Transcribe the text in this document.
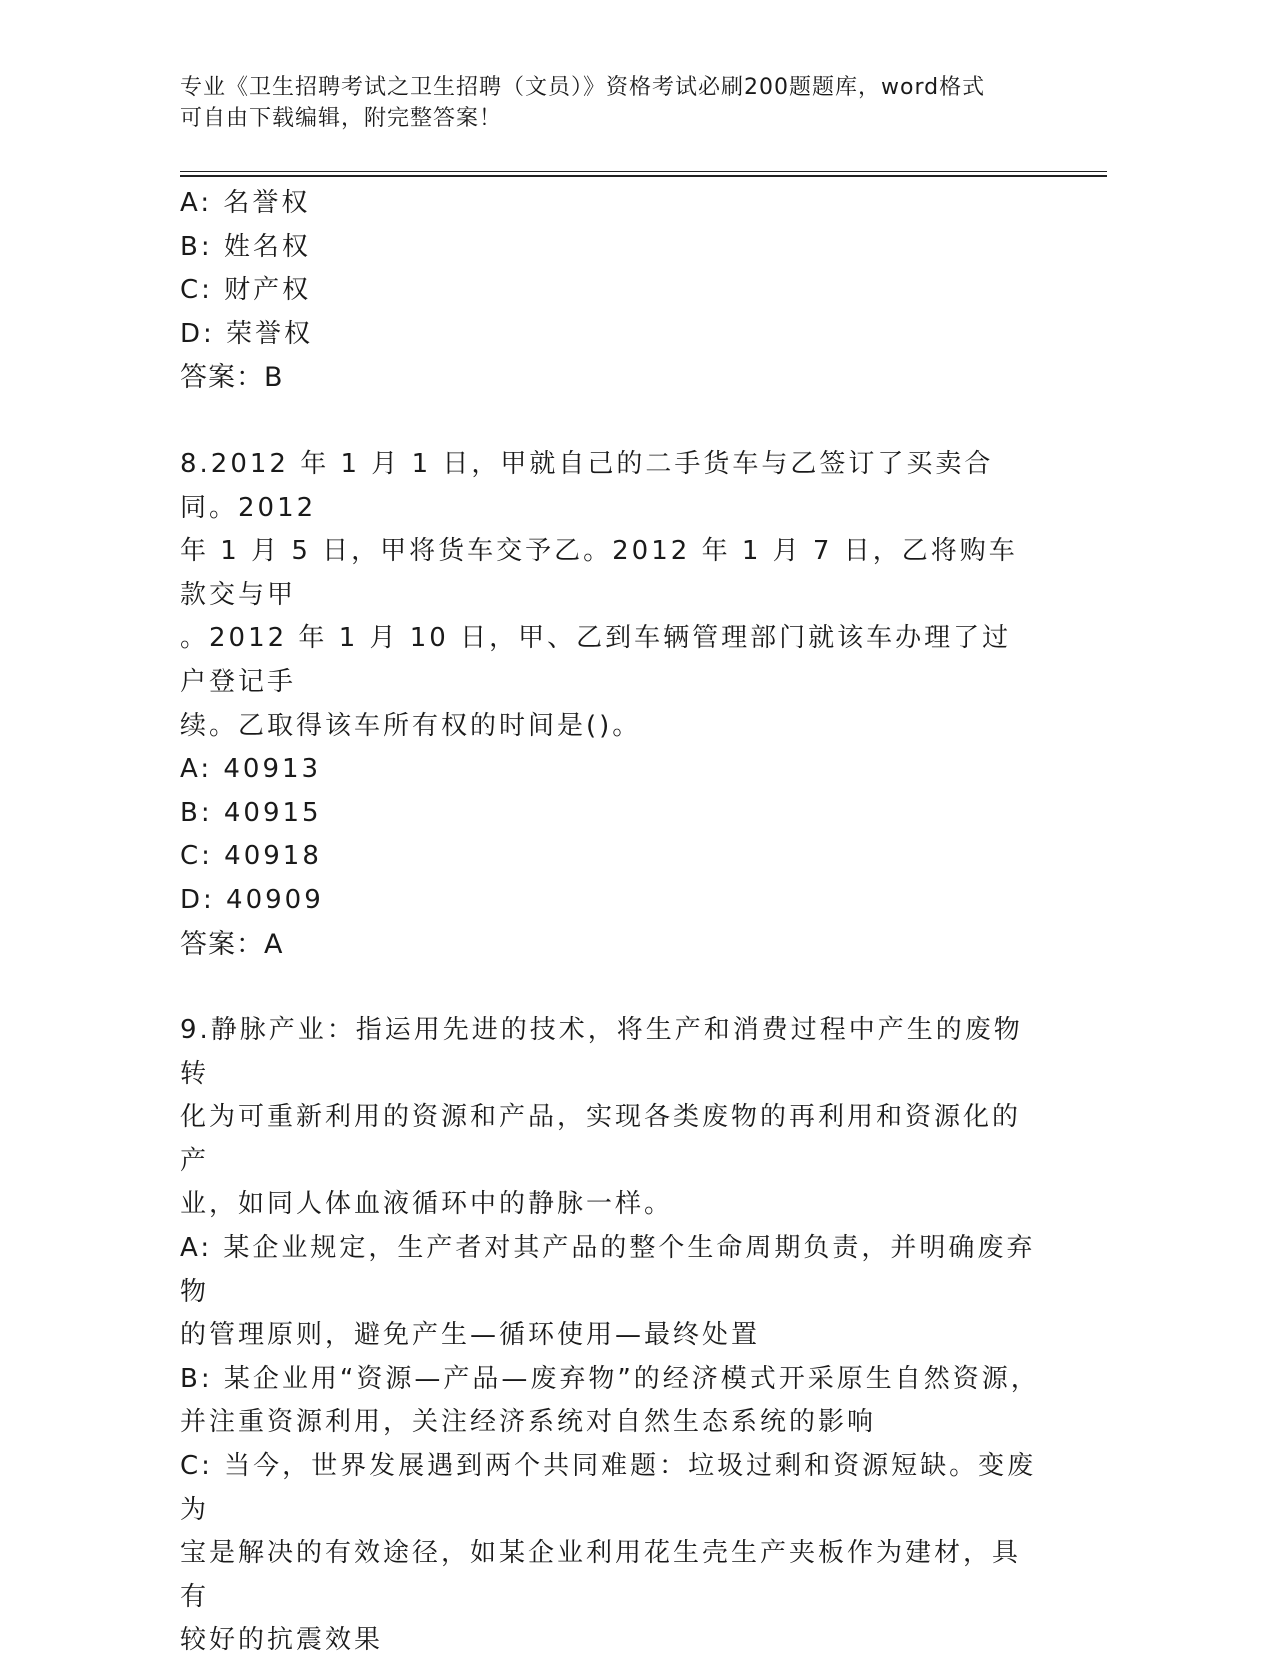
专业《卫生招聘考试之卫生招聘（文员）》资格考试必刷200题题库，word格式
可自由下载编辑，附完整答案！
A: 名誉权
B: 姓名权
C: 财产权
D: 荣誉权
答案：B
8.2012 年 1 月 1 日，甲就自己的二手货车与乙签订了买卖合同。2012
年 1 月 5 日，甲将货车交予乙。2012 年 1 月 7 日，乙将购车款交与甲
。2012 年 1 月 10 日，甲、乙到车辆管理部门就该车办理了过户登记手
续。乙取得该车所有权的时间是()。
A: 40913
B: 40915
C: 40918
D: 40909
答案：A
9.静脉产业：指运用先进的技术，将生产和消费过程中产生的废物转
化为可重新利用的资源和产品，实现各类废物的再利用和资源化的产
业，如同人体血液循环中的静脉一样。
A: 某企业规定，生产者对其产品的整个生命周期负责，并明确废弃物
的管理原则，避免产生—循环使用—最终处置
B: 某企业用“资源—产品—废弃物”的经济模式开采原生自然资源，
并注重资源利用，关注经济系统对自然生态系统的影响
C: 当今，世界发展遇到两个共同难题：垃圾过剩和资源短缺。变废为
宝是解决的有效途径，如某企业利用花生壳生产夹板作为建材，具有
较好的抗震效果
